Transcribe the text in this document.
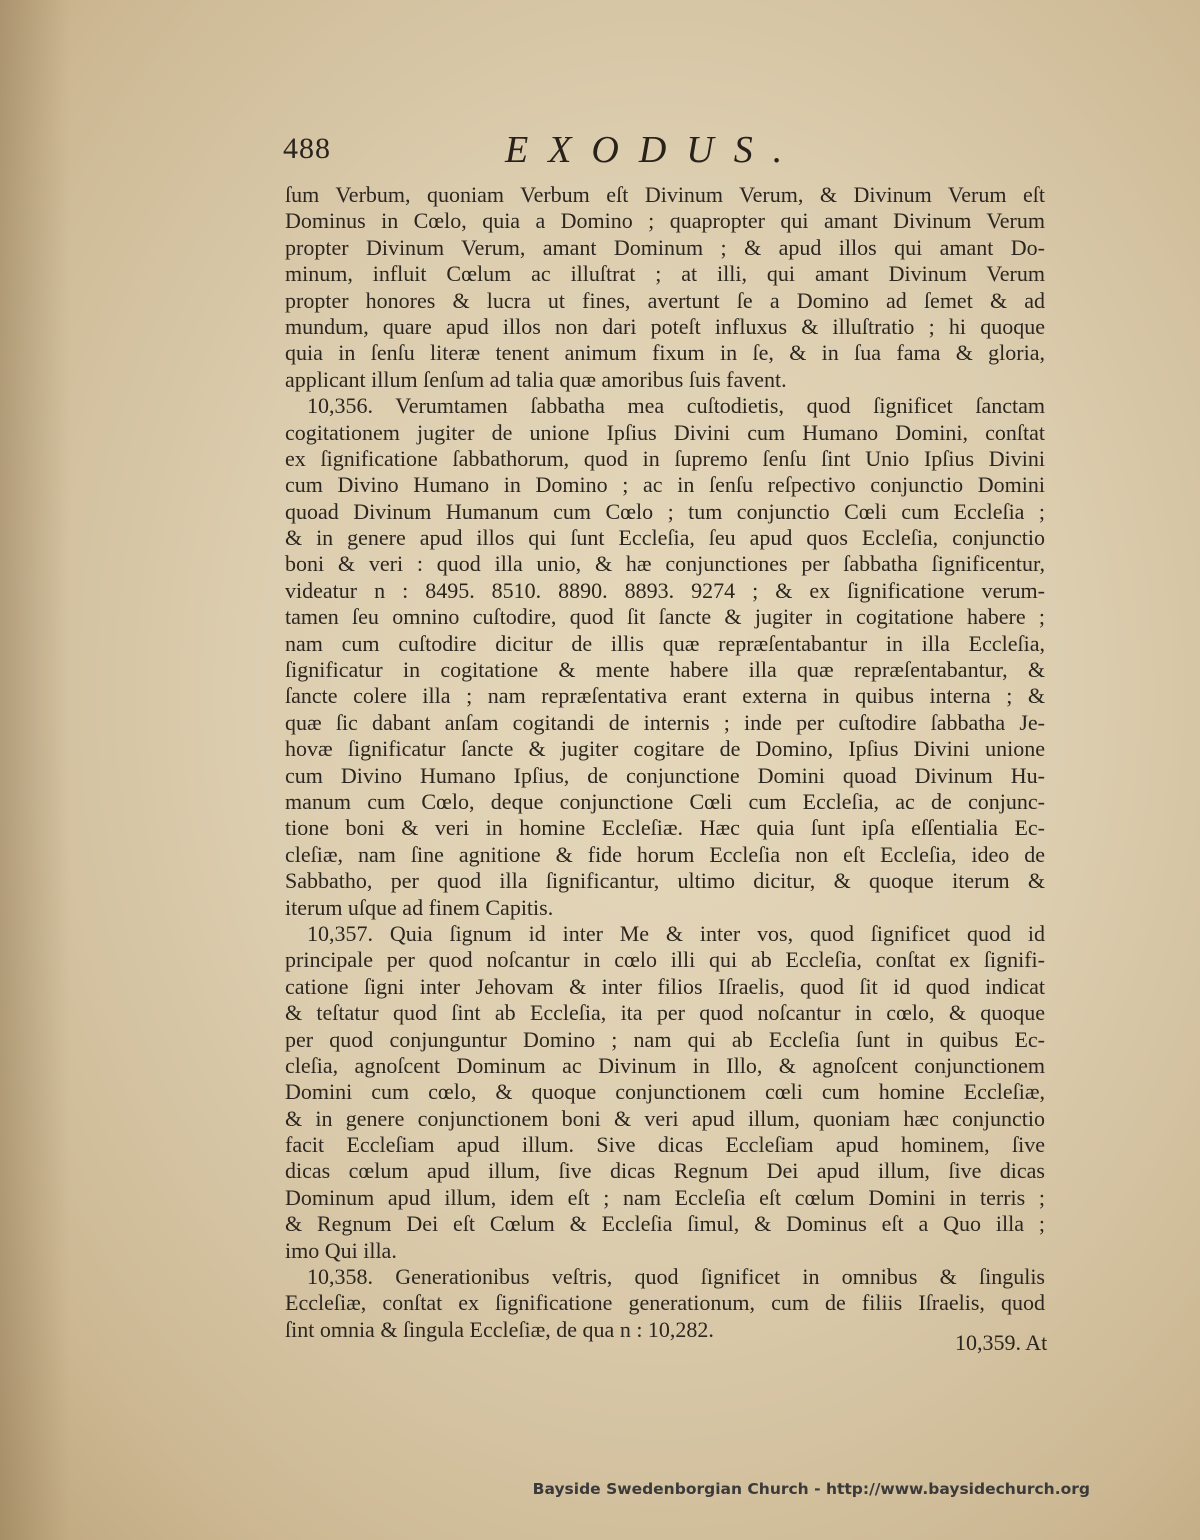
488	EXODUS.
ſum Verbum, quoniam Verbum eſt Divinum Verum, & Divinum Verum eſt
Dominus in Cœlo, quia a Domino ; quapropter qui amant Divinum Verum
propter Divinum Verum, amant Dominum ; & apud illos qui amant Do-
minum, influit Cœlum ac illuſtrat ; at illi, qui amant Divinum Verum
propter honores & lucra ut fines, avertunt ſe a Domino ad ſemet & ad
mundum, quare apud illos non dari poteſt influxus & illuſtratio ; hi quoque
quia in ſenſu literæ tenent animum fixum in ſe, & in ſua fama & gloria,
applicant illum ſenſum ad talia quæ amoribus ſuis favent.
10,356. Verumtamen ſabbatha mea cuſtodietis, quod ſignificet ſanctam
cogitationem jugiter de unione Ipſius Divini cum Humano Domini, conſtat
ex ſignificatione ſabbathorum, quod in ſupremo ſenſu ſint Unio Ipſius Divini
cum Divino Humano in Domino ; ac in ſenſu reſpectivo conjunctio Domini
quoad Divinum Humanum cum Cœlo ; tum conjunctio Cœli cum Eccleſia ;
& in genere apud illos qui ſunt Eccleſia, ſeu apud quos Eccleſia, conjunctio
boni & veri : quod illa unio, & hæ conjunctiones per ſabbatha ſignificentur,
videatur n : 8495. 8510. 8890. 8893. 9274 ; & ex ſignificatione verum-
tamen ſeu omnino cuſtodire, quod ſit ſancte & jugiter in cogitatione habere ;
nam cum cuſtodire dicitur de illis quæ repræſentabantur in illa Eccleſia,
ſignificatur in cogitatione & mente habere illa quæ repræſentabantur, &
ſancte colere illa ; nam repræſentativa erant externa in quibus interna ; &
quæ ſic dabant anſam cogitandi de internis ; inde per cuſtodire ſabbatha Je-
hovæ ſignificatur ſancte & jugiter cogitare de Domino, Ipſius Divini unione
cum Divino Humano Ipſius, de conjunctione Domini quoad Divinum Hu-
manum cum Cœlo, deque conjunctione Cœli cum Eccleſia, ac de conjunc-
tione boni & veri in homine Eccleſiæ. Hæc quia ſunt ipſa eſſentialia Ec-
cleſiæ, nam ſine agnitione & fide horum Eccleſia non eſt Eccleſia, ideo de
Sabbatho, per quod illa ſignificantur, ultimo dicitur, & quoque iterum &
iterum uſque ad finem Capitis.
10,357. Quia ſignum id inter Me & inter vos, quod ſignificet quod id
principale per quod noſcantur in cœlo illi qui ab Eccleſia, conſtat ex ſignifi-
catione ſigni inter Jehovam & inter filios Iſraelis, quod ſit id quod indicat
& teſtatur quod ſint ab Eccleſia, ita per quod noſcantur in cœlo, & quoque
per quod conjunguntur Domino ; nam qui ab Eccleſia ſunt in quibus Ec-
cleſia, agnoſcent Dominum ac Divinum in Illo, & agnoſcent conjunctionem
Domini cum cœlo, & quoque conjunctionem cœli cum homine Eccleſiæ,
& in genere conjunctionem boni & veri apud illum, quoniam hæc conjunctio
facit Eccleſiam apud illum. Sive dicas Eccleſiam apud hominem, ſive
dicas cœlum apud illum, ſive dicas Regnum Dei apud illum, ſive dicas
Dominum apud illum, idem eſt ; nam Eccleſia eſt cœlum Domini in terris ;
& Regnum Dei eſt Cœlum & Eccleſia ſimul, & Dominus eſt a Quo illa ;
imo Qui illa.
10,358. Generationibus veſtris, quod ſignificet in omnibus & ſingulis
Eccleſiæ, conſtat ex ſignificatione generationum, cum de filiis Iſraelis, quod
ſint omnia & ſingula Eccleſiæ, de qua n : 10,282.
10,359. At
Bayside Swedenborgian Church - http://www.baysidechurch.org
